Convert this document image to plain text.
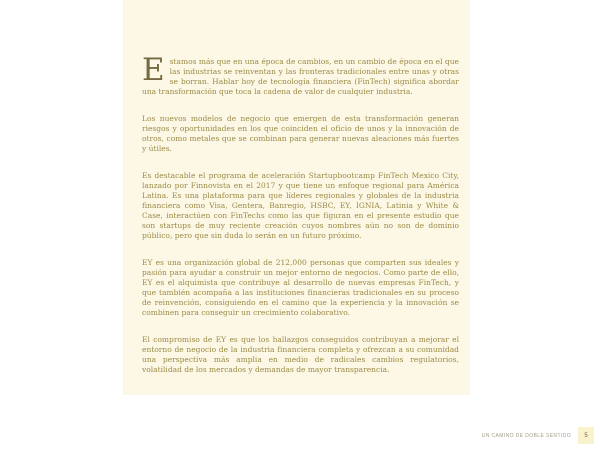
Estamos más que en una época de cambios, en un cambio de época en el que las industrias se reinventan y las fronteras tradicionales entre unas y otras se borran. Hablar hoy de tecnología financiera (FinTech) significa abordar una transformación que toca la cadena de valor de cualquier industria.

Los nuevos modelos de negocio que emergen de esta transformación generan riesgos y oportunidades en los que coinciden el oficio de unos y la innovación de otros, como metales que se combinan para generar nuevas aleaciones más fuertes y útiles.

Es destacable el programa de aceleración Startupbootcamp FinTech Mexico City, lanzado por Finnovista en el 2017 y que tiene un enfoque regional para América Latina. Es una plataforma para que líderes regionales y globales de la industria financiera como Visa, Gentera, Banregio, HSBC, EY, IGNIA, Latinia y White & Case, interactúen con FinTechs como las que figuran en el presente estudio que son startups de muy reciente creación cuyos nombres aún no son de dominio público, pero que sin duda lo serán en un futuro próximo.

EY es una organización global de 212,000 personas que comparten sus ideales y pasión para ayudar a construir un mejor entorno de negocios. Como parte de ello, EY es el alquimista que contribuye al desarrollo de nuevas empresas FinTech, y que también acompaña a las instituciones financieras tradicionales en su proceso de reinvención, consiguiendo en el camino que la experiencia y la innovación se combinen para conseguir un crecimiento colaborativo.

El compromiso de EY es que los hallazgos conseguidos contribuyan a mejorar el entorno de negocio de la industria financiera completa y ofrezcan a su comunidad una perspectiva más amplia en medio de radicales cambios regulatorios, volatilidad de los mercados y demandas de mayor transparencia.

UN CAMINO DE DOBLE SENTIDO 5
